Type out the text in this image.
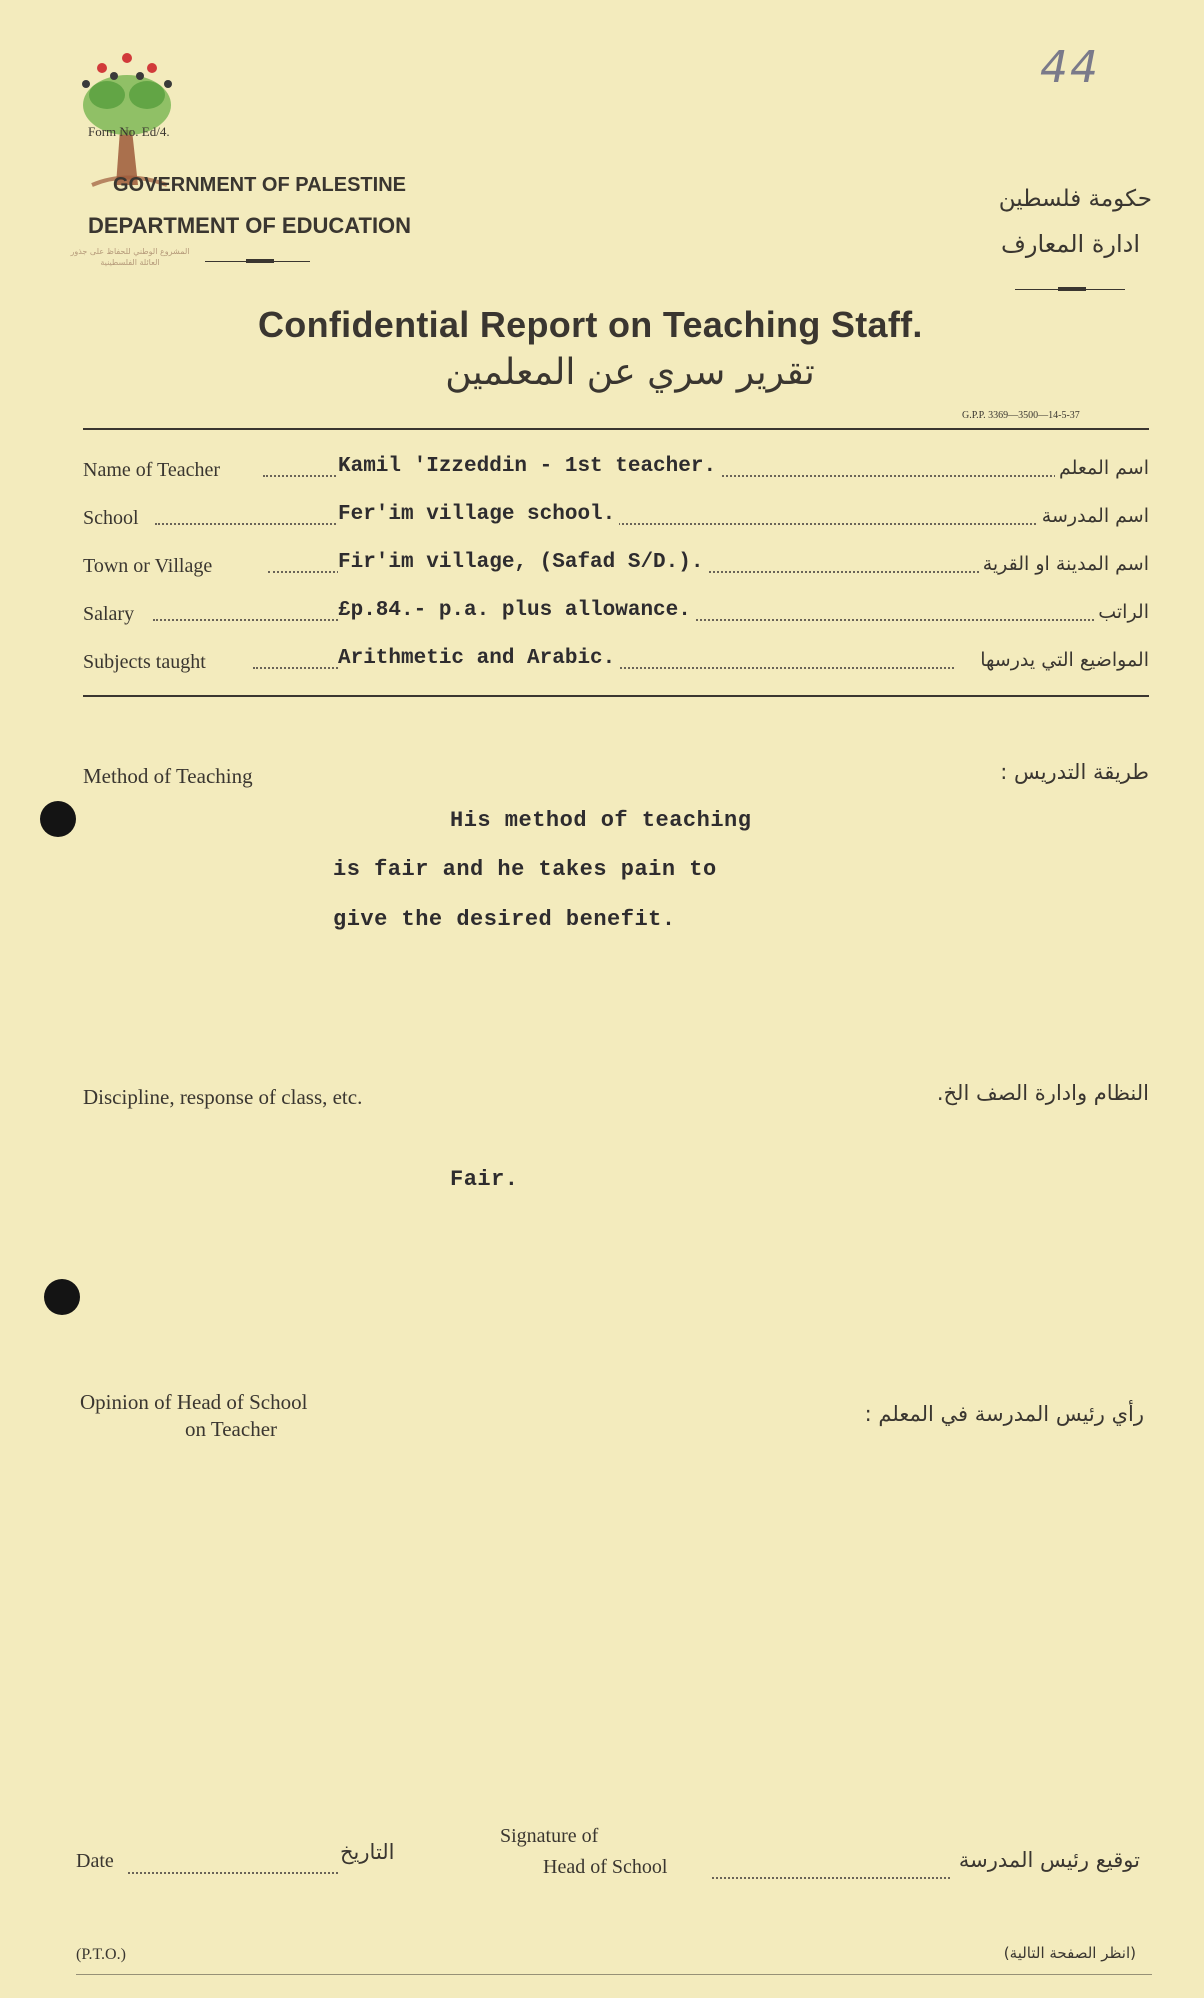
44
المشروع الوطني للحفاظ على جذور العائلة الفلسطينية
Form No. Ed/4.
GOVERNMENT OF PALESTINE
DEPARTMENT OF EDUCATION
حكومة فلسطين
ادارة المعارف
Confidential Report on Teaching Staff.
تقرير سري عن المعلمين
G.P.P. 3369—3500—14-5-37
Name of Teacher	Kamil 'Izzeddin - 1st teacher.	اسم المعلم
School	Fer'im village school.	اسم المدرسة
Town or Village	Fir'im village, (Safad S/D.).	اسم المدينة او القرية
Salary	£p.84.- p.a. plus allowance.	الراتب
Subjects taught	Arithmetic and Arabic.	المواضيع التي يدرسها
Method of Teaching	طريقة التدريس :
His method of teaching
is fair and he takes pain to
give the desired benefit.
Discipline, response of class, etc.	النظام وادارة الصف الخ.
Fair.
Opinion of Head of School
on Teacher
رأي رئيس المدرسة في المعلم :
Date	التاريخ
Signature of
Head of School	توقيع رئيس المدرسة
(P.T.O.)	(انظر الصفحة التالية)
